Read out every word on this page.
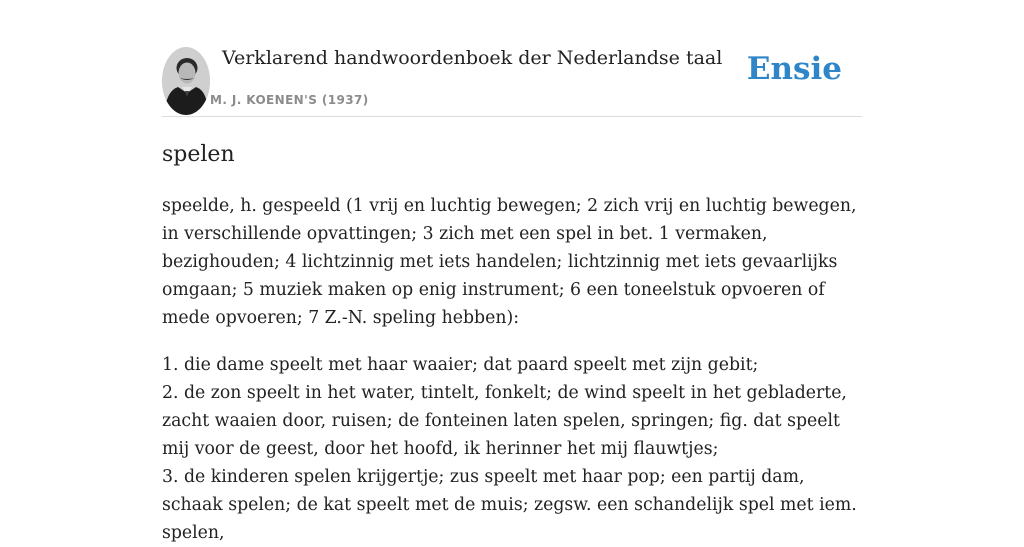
Verklarend handwoordenboek der Nederlandse taal
M. J. KOENEN'S (1937)
Ensie
spelen

speelde, h. gespeeld (1 vrij en luchtig bewegen; 2 zich vrij en luchtig bewegen, in verschillende opvattingen; 3 zich met een spel in bet. 1 vermaken, bezighouden; 4 lichtzinnig met iets handelen; lichtzinnig met iets gevaarlijks omgaan; 5 muziek maken op enig instrument; 6 een toneelstuk opvoeren of mede opvoeren; 7 Z.-N. speling hebben):

1. die dame speelt met haar waaier; dat paard speelt met zijn gebit;
2. de zon speelt in het water, tintelt, fonkelt; de wind speelt in het gebladerte, zacht waaien door, ruisen; de fonteinen laten spelen, springen; fig. dat speelt mij voor de geest, door het hoofd, ik herinner het mij flauwtjes;
3. de kinderen spelen krijgertje; zus speelt met haar pop; een partij dam, schaak spelen; de kat speelt met de muis; zegsw. een schandelijk spel met iem. spelen,
